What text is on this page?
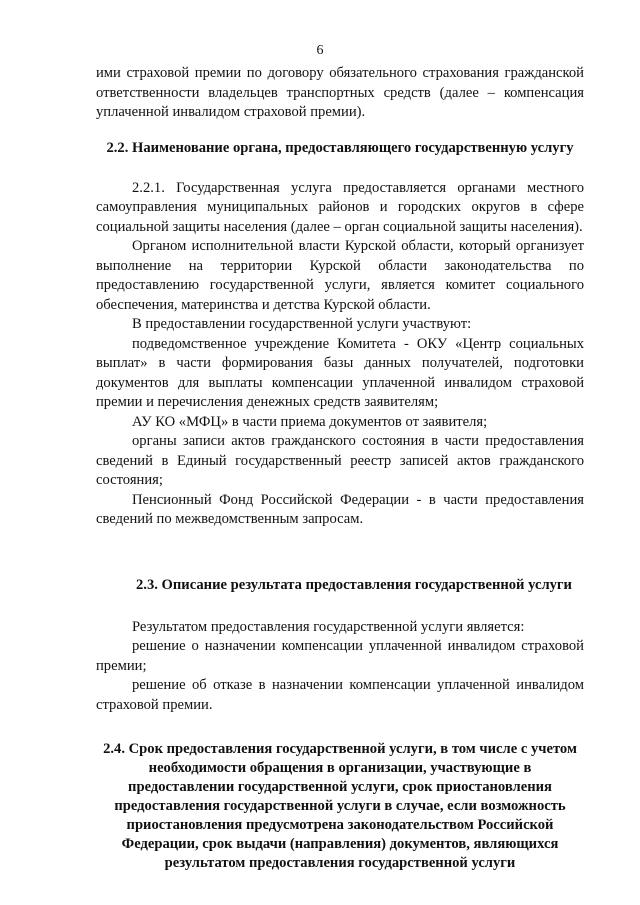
6

ими страховой премии по договору обязательного страхования гражданской ответственности владельцев транспортных средств (далее – компенсация уплаченной инвалидом страховой премии).

2.2. Наименование органа, предоставляющего государственную услугу

2.2.1. Государственная услуга предоставляется органами местного самоуправления муниципальных районов и городских округов в сфере социальной защиты населения (далее – орган социальной защиты населения).

Органом исполнительной власти Курской области, который организует выполнение на территории Курской области законодательства по предоставлению государственной услуги, является комитет социального обеспечения, материнства и детства Курской области.

В предоставлении государственной услуги участвуют:

подведомственное учреждение Комитета - ОКУ «Центр социальных выплат» в части формирования базы данных получателей, подготовки документов для выплаты компенсации уплаченной инвалидом страховой премии и перечисления денежных средств заявителям;

АУ КО «МФЦ» в части приема документов от заявителя;

органы записи актов гражданского состояния в части предоставления сведений в Единый государственный реестр записей актов гражданского состояния;

Пенсионный Фонд Российской Федерации - в части предоставления сведений по межведомственным запросам.

2.3. Описание результата предоставления государственной услуги

Результатом предоставления государственной услуги является:

решение о назначении компенсации уплаченной инвалидом страховой премии;

решение об отказе в назначении компенсации уплаченной инвалидом страховой премии.

2.4. Срок предоставления государственной услуги, в том числе с учетом необходимости обращения в организации, участвующие в предоставлении государственной услуги, срок приостановления предоставления государственной услуги в случае, если возможность приостановления предусмотрена законодательством Российской Федерации, срок выдачи (направления) документов, являющихся результатом предоставления государственной услуги
